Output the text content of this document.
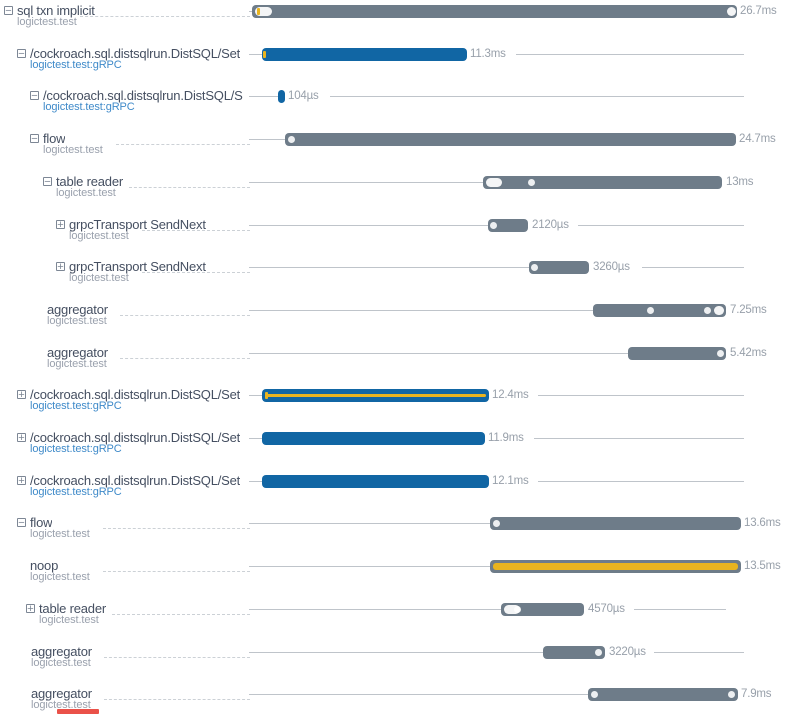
− sql txn implicit
logictest.test
26.7ms
− /cockroach.sql.distsqlrun.DistSQL/Set
logictest.test:gRPC
11.3ms
− /cockroach.sql.distsqlrun.DistSQL/S
logictest.test:gRPC
104µs
− flow
logictest.test
24.7ms
− table reader
logictest.test
13ms
+ grpcTransport SendNext
logictest.test
2120µs
+ grpcTransport SendNext
logictest.test
3260µs
aggregator
logictest.test
7.25ms
aggregator
logictest.test
5.42ms
+ /cockroach.sql.distsqlrun.DistSQL/Set
logictest.test:gRPC
12.4ms
+ /cockroach.sql.distsqlrun.DistSQL/Set
logictest.test:gRPC
11.9ms
+ /cockroach.sql.distsqlrun.DistSQL/Set
logictest.test:gRPC
12.1ms
− flow
logictest.test
13.6ms
noop
logictest.test
13.5ms
+ table reader
logictest.test
4570µs
aggregator
logictest.test
3220µs
aggregator
logictest.test
7.9ms
